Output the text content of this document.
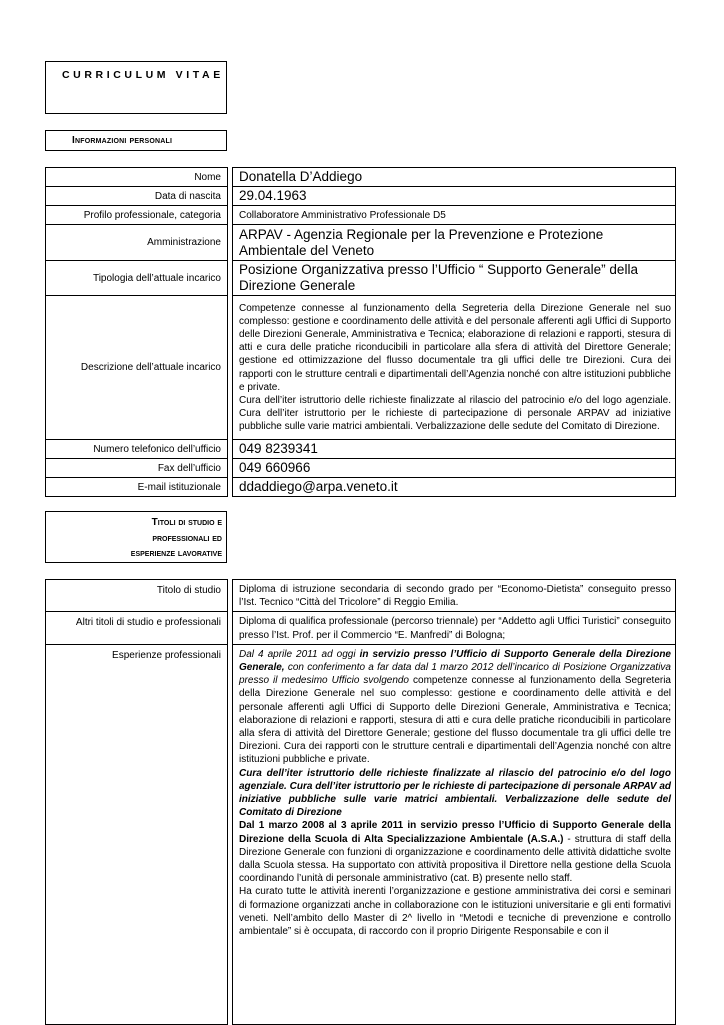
CURRICULUM VITAE
Informazioni personali
Nome		Donatella D’Addiego
Data di nascita		29.04.1963
Profilo professionale, categoria		Collaboratore Amministrativo Professionale D5
Amministrazione		ARPAV - Agenzia Regionale per la Prevenzione e Protezione Ambientale del Veneto
Tipologia dell’attuale incarico		Posizione Organizzativa presso l’Ufficio “ Supporto Generale” della Direzione Generale
Descrizione dell’attuale incarico		Competenze connesse al funzionamento della Segreteria della Direzione Generale nel suo complesso: gestione e coordinamento delle attività e del personale afferenti agli Uffici di Supporto delle Direzioni Generale, Amministrativa e Tecnica; elaborazione di relazioni e rapporti, stesura di atti e cura delle pratiche riconducibili in particolare alla sfera di attività del Direttore Generale; gestione ed ottimizzazione del flusso documentale tra gli uffici delle tre Direzioni. Cura dei rapporti con le strutture centrali e dipartimentali dell’Agenzia nonché con altre istituzioni pubbliche e private.
Cura dell’iter istruttorio delle richieste finalizzate al rilascio del patrocinio e/o del logo agenziale. Cura dell’iter istruttorio per le richieste di partecipazione di personale ARPAV ad iniziative pubbliche sulle varie matrici ambientali. Verbalizzazione delle sedute del Comitato di Direzione.
Numero telefonico dell’ufficio		049 8239341
Fax dell’ufficio		049 660966
E-mail istituzionale		ddaddiego@arpa.veneto.it
Titoli di studio e
professionali ed
esperienze lavorative
Titolo di studio		Diploma di istruzione secondaria di secondo grado per “Economo-Dietista” conseguito presso l’Ist. Tecnico “Città del Tricolore” di Reggio Emilia.
Altri titoli di studio e professionali		Diploma di qualifica professionale (percorso triennale) per “Addetto agli Uffici Turistici” conseguito presso l’Ist. Prof. per il Commercio “E. Manfredi” di Bologna;
Esperienze professionali		Dal 4 aprile 2011 ad oggi in servizio presso l’Ufficio di Supporto Generale della Direzione Generale, con conferimento a far data dal 1 marzo 2012 dell’incarico di Posizione Organizzativa presso il medesimo Ufficio svolgendo competenze connesse al funzionamento della Segreteria della Direzione Generale nel suo complesso: gestione e coordinamento delle attività e del personale afferenti agli Uffici di Supporto delle Direzioni Generale, Amministrativa e Tecnica; elaborazione di relazioni e rapporti, stesura di atti e cura delle pratiche riconducibili in particolare alla sfera di attività del Direttore Generale; gestione del flusso documentale tra gli uffici delle tre Direzioni. Cura dei rapporti con le strutture centrali e dipartimentali dell’Agenzia nonché con altre istituzioni pubbliche e private.

Cura dell’iter istruttorio delle richieste finalizzate al rilascio del patrocinio e/o del logo agenziale. Cura dell’iter istruttorio per le richieste di partecipazione di personale ARPAV ad iniziative pubbliche sulle varie matrici ambientali. Verbalizzazione delle sedute del Comitato di Direzione

Dal 1 marzo 2008 al 3 aprile 2011 in servizio presso l’Ufficio di Supporto Generale della Direzione della Scuola di Alta Specializzazione Ambientale (A.S.A.) - struttura di staff della Direzione Generale con funzioni di organizzazione e coordinamento delle attività didattiche svolte dalla Scuola stessa. Ha supportato con attività propositiva il Direttore nella gestione della Scuola coordinando l’unità di personale amministrativo (cat. B) presente nello staff.

Ha curato tutte le attività inerenti l’organizzazione e gestione amministrativa dei corsi e seminari di formazione organizzati anche in collaborazione con le istituzioni universitarie e gli enti formativi veneti. Nell’ambito dello Master di 2^ livello in “Metodi e tecniche di prevenzione e controllo ambientale” si è occupata, di raccordo con il proprio Dirigente Responsabile e con il
